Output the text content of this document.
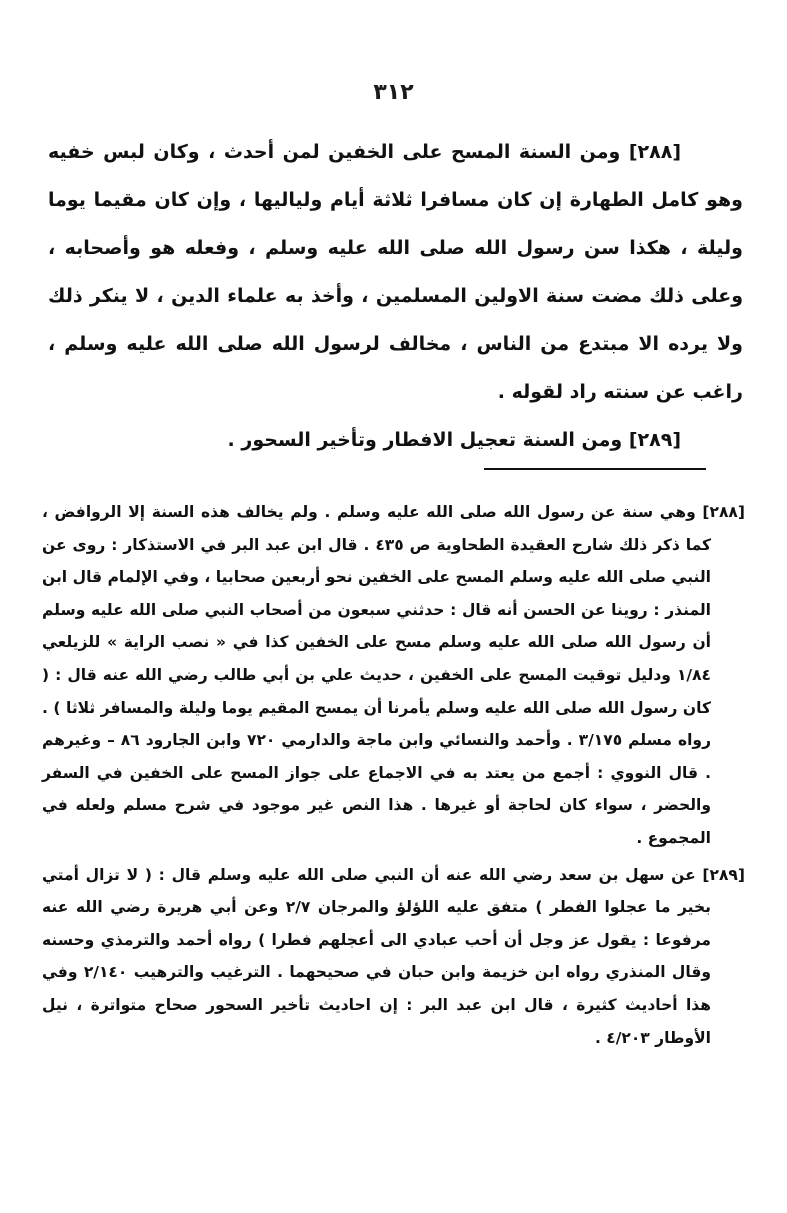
٣١٢

[٢٨٨] ومن السنة المسح على الخفين لمن أحدث ، وكان لبس خفيه وهو كامل الطهارة إن كان مسافرا ثلاثة أيام ولياليها ، وإن كان مقيما يوما وليلة ، هكذا سن رسول الله صلى الله عليه وسلم ، وفعله هو وأصحابه ، وعلى ذلك مضت سنة الاولين المسلمين ، وأخذ به علماء الدين ، لا ينكر ذلك ولا يرده الا مبتدع من الناس ، مخالف لرسول الله صلى الله عليه وسلم ، راغب عن سنته راد لقوله .

[٢٨٩] ومن السنة تعجيل الافطار وتأخير السحور .

[٢٨٨] وهي سنة عن رسول الله صلى الله عليه وسلم . ولم يخالف هذه السنة إلا الروافض ، كما ذكر ذلك شارح العقيدة الطحاوية ص ٤٣٥ . قال ابن عبد البر في الاستذكار : روى عن النبي صلى الله عليه وسلم المسح على الخفين نحو أربعين صحابيا ، وفي الإلمام قال ابن المنذر : روينا عن الحسن أنه قال : حدثني سبعون من أصحاب النبي صلى الله عليه وسلم أن رسول الله صلى الله عليه وسلم مسح على الخفين كذا في « نصب الراية » للزيلعي ١/٨٤ ودليل توقيت المسح على الخفين ، حديث علي بن أبي طالب رضي الله عنه قال : ( كان رسول الله صلى الله عليه وسلم يأمرنا أن يمسح المقيم يوما وليلة والمسافر ثلاثا ) . رواه مسلم ٣/١٧٥ . وأحمد والنسائي وابن ماجة والدارمي ٧٢٠ وابن الجارود ٨٦ – وغيرهم . قال النووي : أجمع من يعتد به في الاجماع على جواز المسح على الخفين في السفر والحضر ، سواء كان لحاجة أو غيرها . هذا النص غير موجود في شرح مسلم ولعله في المجموع .

[٢٨٩] عن سهل بن سعد رضي الله عنه أن النبي صلى الله عليه وسلم قال : ( لا تزال أمتي بخير ما عجلوا الفطر ) متفق عليه اللؤلؤ والمرجان ٢/٧ وعن أبي هريرة رضي الله عنه مرفوعا : يقول عز وجل أن أحب عبادي الى أعجلهم فطرا ) رواه أحمد والترمذي وحسنه وقال المنذري رواه ابن خزيمة وابن حبان في صحيحهما . الترغيب والترهيب ٢/١٤٠ وفي هذا أحاديث كثيرة ، قال ابن عبد البر : إن احاديث تأخير السحور صحاح متواترة ، نيل الأوطار ٤/٢٠٣ .
